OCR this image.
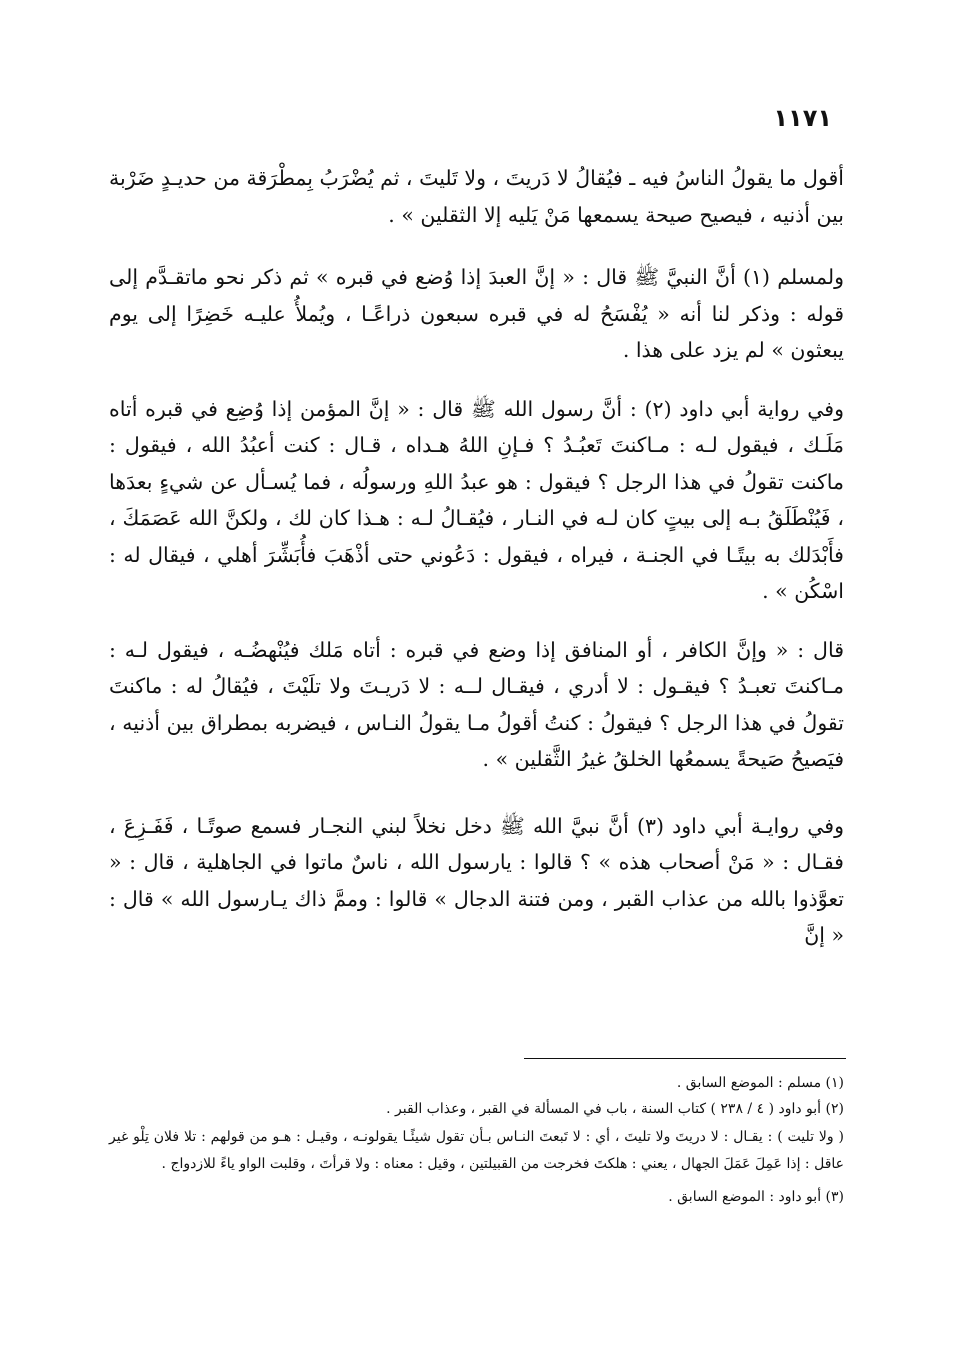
١١٧١

أقول ما يقولُ الناسُ فيه ـ فيُقالُ لا دَريتَ ، ولا تَليتَ ، ثم يُضْرَبُ بِمطْرَقة من حديـدٍ ضَرْبة بين أذنيه ، فيصيح صيحة يسمعها مَنْ يَليه إلا الثقلين » .

ولمسلم (١) أنَّ النبيَّ ﷺ قال : « إنَّ العبدَ إذا وُضع في قبره » ثم ذكر نحو ماتقـدَّم إلى قوله : وذكر لنا أنه « يُفْسَحُ له في قبره سبعون ذراعًـا ، ويُملأُ عليـه خَضِرًا إلى يوم يبعثون » لم يزد على هذا .

وفي رواية أبي داود (٢) : أنَّ رسول الله ﷺ قال : « إنَّ المؤمن إذا وُضِع في قبره أتاه مَلَـك ، فيقول لـه : مـاكنتَ تَعبُـدُ ؟ فـإنِ اللهُ هـداه ، قـال : كنت أعبُدُ الله ، فيقول : ماكنت تقولُ في هذا الرجل ؟ فيقول : هو عبدُ اللهِ ورسولُه ، فما يُسـأل عن شيءٍ بعدَها ، فَيُنْطَلَقُ بـه إلى بيتٍ كان لـه في النـار ، فيُقـالُ لـه : هـذا كان لك ، ولكنَّ الله عَصَمَكَ ، فأَبْدَلك به بيتًـا في الجنـة ، فيراه ، فيقول : دَعُوني حتى أذْهَبَ فأُبَشِّرَ أهلي ، فيقال له : اسْكُن » .

قال : « وإنَّ الكافر ، أو المنافق إذا وضع في قبره : أتاه مَلك فيُنْهضُـه ، فيقول لـه : مـاكنتَ تعبـدُ ؟ فيقـول : لا أدري ، فيقـال لــه : لا دَريـتَ ولا تلَيْتَ ، فيُقالُ له : ماكنتَ تقولُ في هذا الرجل ؟ فيقولُ : كنتُ أقولُ مـا يقولُ النـاس ، فيضربه بمطراق بين أذنيه ، فيَصيحُ صَيحةً يسمعُها الخلقُ غيرُ الثَّقلين » .

وفي روايـة أبي داود (٣) أنَّ نبيَّ الله ﷺ دخل نخلاً لبني النجـار فسمع صوتًـا ، فَفَـزِعَ ، فقـال : « مَنْ أصحاب هذه » ؟ قالوا : يارسول الله ، ناسٌ ماتوا في الجاهلية ، قال : « تعوَّذوا بالله من عذاب القبر ، ومن فتنة الدجال » قالوا : وممَّ ذاك يـارسول الله » قال : « إنَّ

(١) مسلم : الموضع السابق .

(٢) أبو داود ( ٤ / ٢٣٨ ) كتاب السنة ، باب في المسألة في القبر ، وعذاب القبر .

( ولا تليت ) : يقـال : لا دريتَ ولا تليتَ ، أي : لا تَبعتَ النـاس بـأن تقول شيئًـا يقولونـه ، وقيـل : هـو من قولهم : تلا فلان تِلْو غير عاقل : إذا عَمِلَ عَمَلَ الجهال ، يعني : هلكتَ فخرجت من القبيلتين ، وقيل : معناه : ولا قرأتَ ، وقلبت الواو ياءً للازدواج .

(٣) أبو داود : الموضع السابق .
